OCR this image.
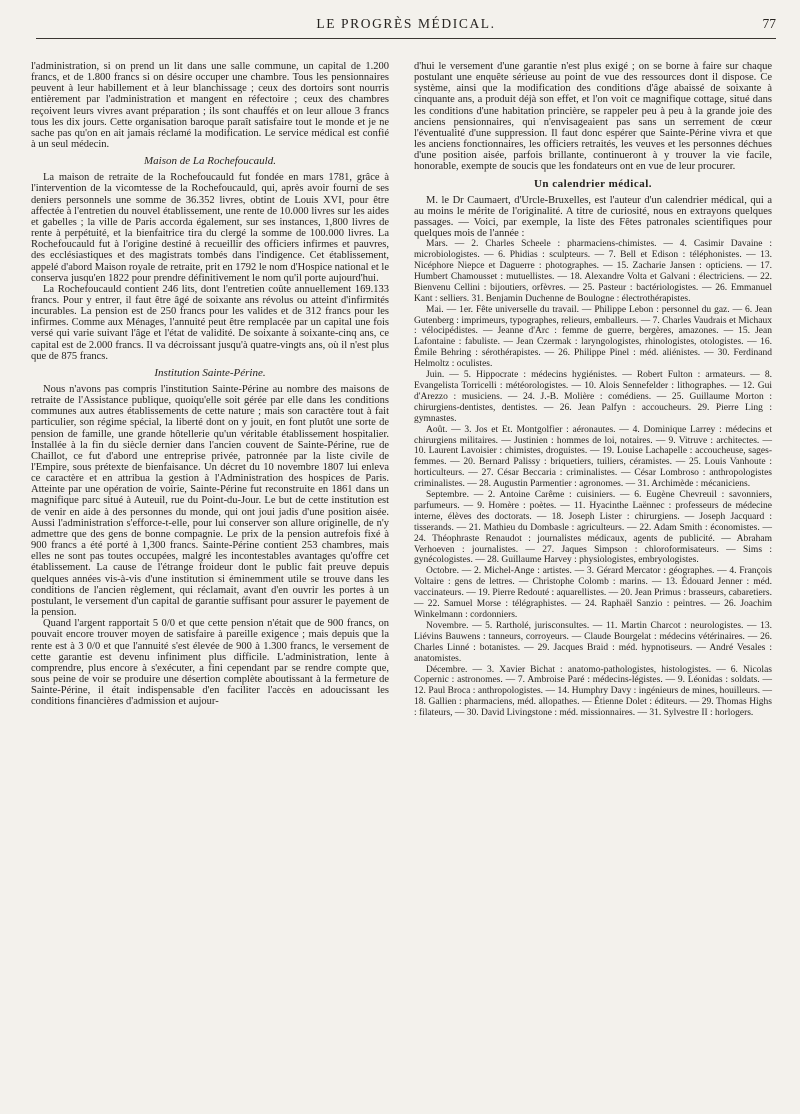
LE PROGRÈS MÉDICAL.	77

l'administration, si on prend un lit dans une salle commune, un capital de 1.200 francs, et de 1.800 francs si on désire occuper une chambre. Tous les pensionnaires peuvent à leur habillement et à leur blanchissage ; ceux des dortoirs sont nourris entièrement par l'administration et mangent en réfectoire ; ceux des chambres reçoivent leurs vivres avant préparation ; ils sont chauffés et on leur alloue 3 francs tous les dix jours. Cette organisation baroque paraît satisfaire tout le monde et je ne sache pas qu'on en ait jamais réclamé la modification. Le service médical est confié à un seul médecin.

Maison de La Rochefoucauld.

La maison de retraite de la Rochefoucauld fut fondée en mars 1781, grâce à l'intervention de la vicomtesse de la Rochefoucauld, qui, après avoir fourni de ses deniers personnels une somme de 36.352 livres, obtint de Louis XVI, pour être affectée à l'entretien du nouvel établissement, une rente de 10.000 livres sur les aides et gabelles ; la ville de Paris accorda également, sur ses instances, 1,800 livres de rente à perpétuité, et la bienfaitrice tira du clergé la somme de 100.000 livres. La Rochefoucauld fut à l'origine destiné à recueillir des officiers infirmes et pauvres, des ecclésiastiques et des magistrats tombés dans l'indigence. Cet établissement, appelé d'abord Maison royale de retraite, prit en 1792 le nom d'Hospice national et le conserva jusqu'en 1822 pour prendre définitivement le nom qu'il porte aujourd'hui.

La Rochefoucauld contient 246 lits, dont l'entretien coûte annuellement 169.133 francs. Pour y entrer, il faut être âgé de soixante ans révolus ou atteint d'infirmités incurables. La pension est de 250 francs pour les valides et de 312 francs pour les infirmes. Comme aux Ménages, l'annuité peut être remplacée par un capital une fois versé qui varie suivant l'âge et l'état de validité. De soixante à soixante-cinq ans, ce capital est de 2.000 francs. Il va décroissant jusqu'à quatre-vingts ans, où il n'est plus que de 875 francs.

Institution Sainte-Périne.

Nous n'avons pas compris l'institution Sainte-Périne au nombre des maisons de retraite de l'Assistance publique, quoiqu'elle soit gérée par elle dans les conditions communes aux autres établissements de cette nature ; mais son caractère tout à fait particulier, son régime spécial, la liberté dont on y jouit, en font plutôt une sorte de pension de famille, une grande hôtellerie qu'un véritable établissement hospitalier. Installée à la fin du siècle dernier dans l'ancien couvent de Sainte-Périne, rue de Chaillot, ce fut d'abord une entreprise privée, patronnée par la liste civile de l'Empire, sous prétexte de bienfaisance. Un décret du 10 novembre 1807 lui enleva ce caractère et en attribua la gestion à l'Administration des hospices de Paris. Atteinte par une opération de voirie, Sainte-Périne fut reconstruite en 1861 dans un magnifique parc situé à Auteuil, rue du Point-du-Jour. Le but de cette institution est de venir en aide à des personnes du monde, qui ont joui jadis d'une position aisée. Aussi l'administration s'efforce-t-elle, pour lui conserver son allure originelle, de n'y admettre que des gens de bonne compagnie. Le prix de la pension autrefois fixé à 900 francs a été porté à 1,300 francs. Sainte-Périne contient 253 chambres, mais elles ne sont pas toutes occupées, malgré les incontestables avantages qu'offre cet établissement. La cause de l'étrange froideur dont le public fait preuve depuis quelques années vis-à-vis d'une institution si éminemment utile se trouve dans les conditions de l'ancien règlement, qui réclamait, avant d'en ouvrir les portes à un postulant, le versement d'un capital de garantie suffisant pour assurer le payement de la pension.

Quand l'argent rapportait 5 0/0 et que cette pension n'était que de 900 francs, on pouvait encore trouver moyen de satisfaire à pareille exigence ; mais depuis que la rente est à 3 0/0 et que l'annuité s'est élevée de 900 à 1.300 francs, le versement de cette garantie est devenu infiniment plus difficile. L'administration, lente à comprendre, plus encore à s'exécuter, a fini cependant par se rendre compte que, sous peine de voir se produire une désertion complète aboutissant à la fermeture de Sainte-Périne, il était indispensable d'en faciliter l'accès en adoucissant les conditions financières d'admission et aujour-

d'hui le versement d'une garantie n'est plus exigé ; on se borne à faire sur chaque postulant une enquête sérieuse au point de vue des ressources dont il dispose. Ce système, ainsi que la modification des conditions d'âge abaissé de soixante à cinquante ans, a produit déjà son effet, et l'on voit ce magnifique cottage, situé dans les conditions d'une habitation princière, se rappeler peu à peu à la grande joie des anciens pensionnaires, qui n'envisageaient pas sans un serrement de cœur l'éventualité d'une suppression. Il faut donc espérer que Sainte-Périne vivra et que les anciens fonctionnaires, les officiers retraités, les veuves et les personnes déchues d'une position aisée, parfois brillante, continueront à y trouver la vie facile, honorable, exempte de soucis que les fondateurs ont en vue de leur procurer.

Un calendrier médical.

M. le Dr Caumaert, d'Urcle-Bruxelles, est l'auteur d'un calendrier médical, qui a au moins le mérite de l'originalité. A titre de curiosité, nous en extrayons quelques passages. — Voici, par exemple, la liste des Fêtes patronales scientifiques pour quelques mois de l'année :

Mars. — 2. Charles Scheele : pharmaciens-chimistes. — 4. Casimir Davaine : microbiologistes. — 6. Phidias : sculpteurs. — 7. Bell et Edison : téléphonistes. — 13. Nicéphore Niepce et Daguerre : photographes. — 15. Zacharie Jansen : opticiens. — 17. Humbert Chamousset : mutuellistes. — 18. Alexandre Volta et Galvani : électriciens. — 22. Bienvenu Cellini : bijoutiers, orfèvres. — 25. Pasteur : bactériologistes. — 26. Emmanuel Kant : selliers. 31. Benjamin Duchenne de Boulogne : électrothérapistes.

Mai. — 1er. Fête universelle du travail. — Philippe Lebon : personnel du gaz. — 6. Jean Gutenberg : imprimeurs, typographes, relieurs, emballeurs. — 7. Charles Vaudrais et Michaux : vélocipédistes. — Jeanne d'Arc : femme de guerre, bergères, amazones. — 15. Jean Lafontaine : fabuliste. — Jean Czermak : laryngologistes, rhinologistes, otologistes. — 16. Émile Behring : sérothérapistes. — 26. Philippe Pinel : méd. aliénistes. — 30. Ferdinand Helmoltz : oculistes.

Juin. — 5. Hippocrate : médecins hygiénistes. — Robert Fulton : armateurs. — 8. Evangelista Torricelli : météorologistes. — 10. Alois Sennefelder : lithographes. — 12. Gui d'Arezzo : musiciens. — 24. J.-B. Molière : comédiens. — 25. Guillaume Morton : chirurgiens-dentistes, dentistes. — 26. Jean Palfyn : accoucheurs. 29. Pierre Ling : gymnastes.

Août. — 3. Jos et Et. Montgolfier : aéronautes. — 4. Dominique Larrey : médecins et chirurgiens militaires. — Justinien : hommes de loi, notaires. — 9. Vitruve : architectes. — 10. Laurent Lavoisier : chimistes, droguistes. — 19. Louise Lachapelle : accoucheuse, sages-femmes. — 20. Bernard Palissy : briquetiers, tuiliers, céramistes. — 25. Louis Vanhoute : horticulteurs. — 27. César Beccaria : criminalistes. — César Lombroso : anthropologistes criminalistes. — 28. Augustin Parmentier : agronomes. — 31. Archimède : mécaniciens.

Septembre. — 2. Antoine Carême : cuisiniers. — 6. Eugène Chevreuil : savonniers, parfumeurs. — 9. Homère : poètes. — 11. Hyacinthe Laënnec : professeurs de médecine interne, élèves des doctorats. — 18. Joseph Lister : chirurgiens. — Joseph Jacquard : tisserands. — 21. Mathieu du Dombasle : agriculteurs. — 22. Adam Smith : économistes. — 24. Théophraste Renaudot : journalistes médicaux, agents de publicité. — Abraham Verhoeven : journalistes. — 27. Jaques Simpson : chloroformisateurs. — Sims : gynécologistes. — 28. Guillaume Harvey : physiologistes, embryologistes.

Octobre. — 2. Michel-Ange : artistes. — 3. Gérard Mercator : géographes. — 4. François Voltaire : gens de lettres. — Christophe Colomb : marins. — 13. Édouard Jenner : méd. vaccinateurs. — 19. Pierre Redouté : aquarellistes. — 20. Jean Primus : brasseurs, cabaretiers. — 22. Samuel Morse : télégraphistes. — 24. Raphaël Sanzio : peintres. — 26. Joachim Winkelmann : cordonniers.

Novembre. — 5. Rartholé, jurisconsultes. — 11. Martin Charcot : neurologistes. — 13. Liévins Bauwens : tanneurs, corroyeurs. — Claude Bourgelat : médecins vétérinaires. — 26. Charles Linné : botanistes. — 29. Jacques Braid : méd. hypnotiseurs. — André Vesales : anatomistes.

Décembre. — 3. Xavier Bichat : anatomo-pathologistes, histologistes. — 6. Nicolas Copernic : astronomes. — 7. Ambroise Paré : médecins-légistes. — 9. Léonidas : soldats. — 12. Paul Broca : anthropologistes. — 14. Humphry Davy : ingénieurs de mines, houilleurs. — 18. Gallien : pharmaciens, méd. allopathes. — Étienne Dolet : éditeurs. — 29. Thomas Highs : filateurs, — 30. David Livingstone : méd. missionnaires. — 31. Sylvestre II : horlogers.
